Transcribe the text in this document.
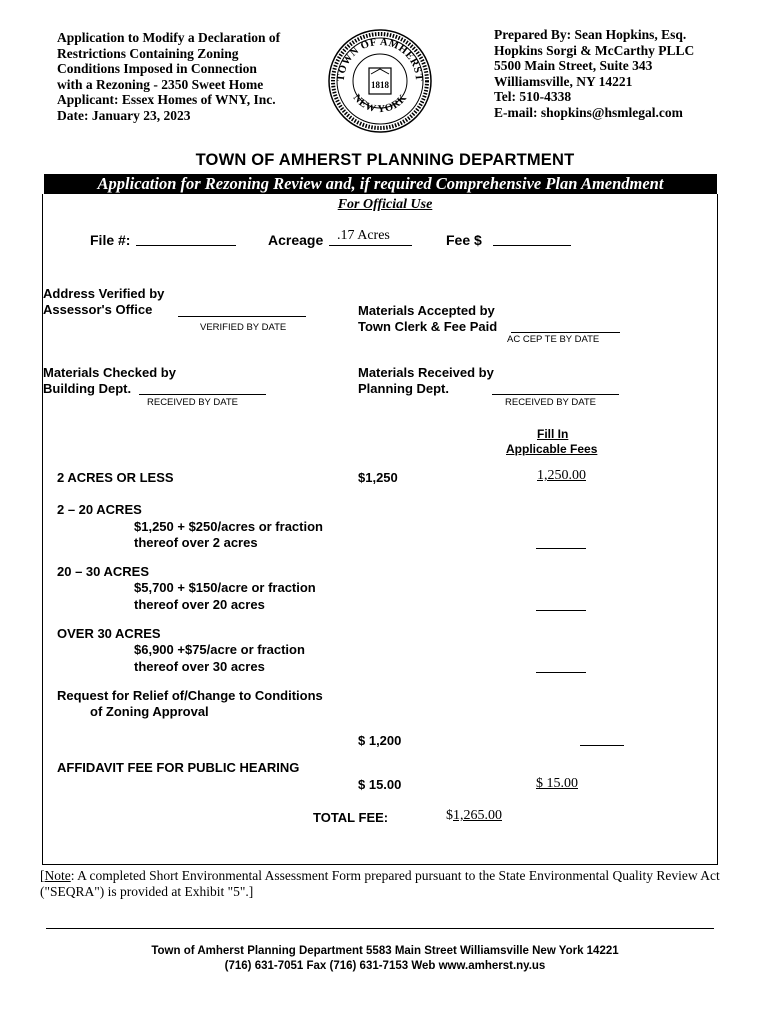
Application to Modify a Declaration of
Restrictions Containing Zoning
Conditions Imposed in Connection
with a Rezoning - 2350 Sweet Home
Applicant: Essex Homes of WNY, Inc.
Date: January 23, 2023
TOWN OF AMHERST
NEW YORK
1818
Prepared By: Sean Hopkins, Esq.
Hopkins Sorgi & McCarthy PLLC
5500 Main Street, Suite 343
Williamsville, NY 14221
Tel: 510-4338
E-mail: shopkins@hsmlegal.com
TOWN OF AMHERST PLANNING DEPARTMENT
Application for Rezoning Review and, if required Comprehensive Plan Amendment
For Official Use
File #:	Acreage .17 Acres	Fee $
Address Verified by
Assessor's Office
VERIFIED BY DATE
Materials Accepted by
Town Clerk & Fee Paid
AC CEP TE BY DATE
Materials Checked by
Building Dept.
RECEIVED BY DATE
Materials Received by
Planning Dept.
RECEIVED BY DATE
Fill In
Applicable Fees
2 ACRES OR LESS	$1,250	1,250.00
2 – 20 ACRES
$1,250 + $250/acres or fraction
thereof over 2 acres
20 – 30 ACRES
$5,700 + $150/acre or fraction
thereof over 20 acres
OVER 30 ACRES
$6,900 +$75/acre or fraction
thereof over 30 acres
Request for Relief of/Change to Conditions
of Zoning Approval
$ 1,200
AFFIDAVIT FEE FOR PUBLIC HEARING
$ 15.00	$ 15.00
TOTAL FEE:	$1,265.00
[Note: A completed Short Environmental Assessment Form prepared pursuant to the State Environmental Quality Review Act ("SEQRA") is provided at Exhibit "5".]
Town of Amherst Planning Department 5583 Main Street Williamsville New York 14221
(716) 631-7051 Fax (716) 631-7153 Web www.amherst.ny.us
